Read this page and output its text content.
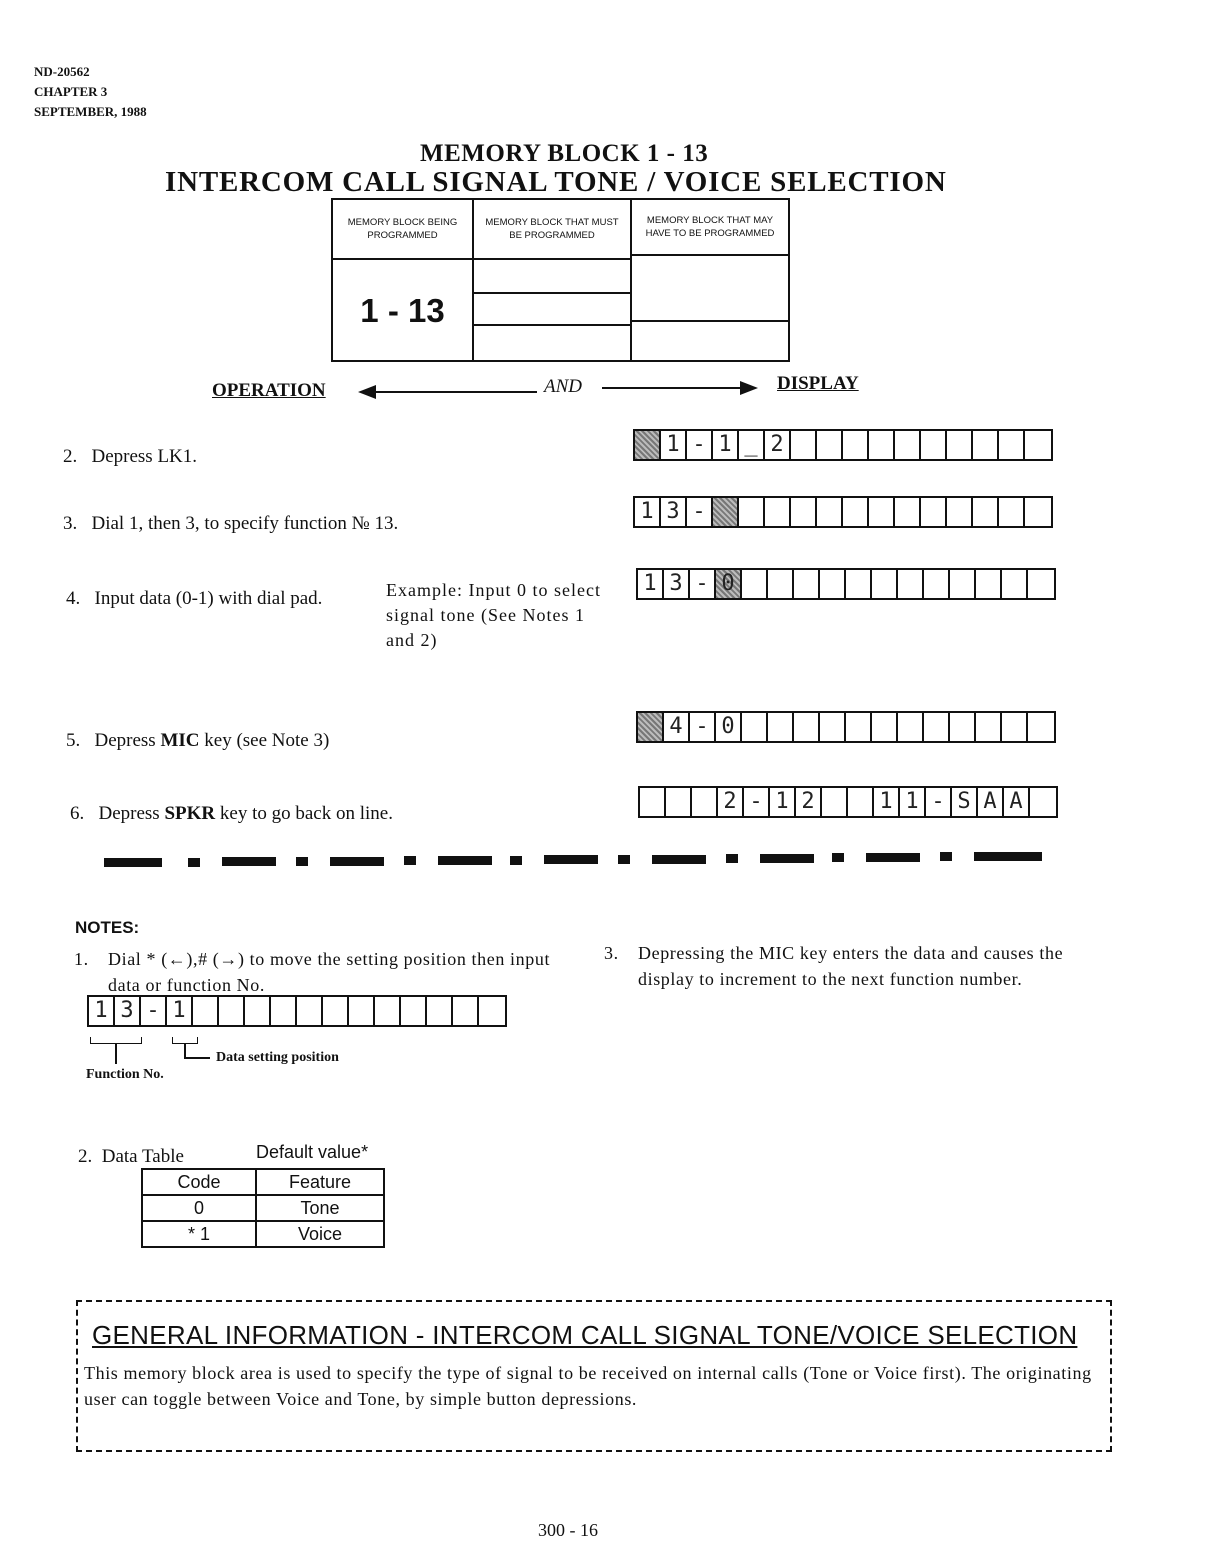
ND-20562
CHAPTER 3
SEPTEMBER, 1988
MEMORY BLOCK 1 - 13
INTERCOM CALL SIGNAL TONE / VOICE SELECTION
MEMORY BLOCK BEING PROGRAMMED
1 - 13
MEMORY BLOCK THAT MUST BE PROGRAMMED
MEMORY BLOCK THAT MAY HAVE TO BE PROGRAMMED
OPERATION	AND	DISPLAY
2. Depress LK1.
3. Dial 1, then 3, to specify function № 13.
4. Input data (0-1) with dial pad.	Example: Input 0 to select signal tone (See Notes 1 and 2)
5. Depress MIC key (see Note 3)
6. Depress SPKR key to go back on line.
1 - 1 _ 2
1 3 -
1 3 - 0
4 - 0
2 - 1 2	1 1 - S A A
NOTES:
1. Dial * (←),# (→) to move the setting position then input data or function No.
1 3 - 1
Data setting position
Function No.
3. Depressing the MIC key enters the data and causes the display to increment to the next function number.
2. Data Table	Default value*
Code	Feature
0	Tone
* 1	Voice
GENERAL INFORMATION - INTERCOM CALL SIGNAL TONE/VOICE SELECTION
This memory block area is used to specify the type of signal to be received on internal calls (Tone or Voice first). The originating user can toggle between Voice and Tone, by simple button depressions.
300 - 16
